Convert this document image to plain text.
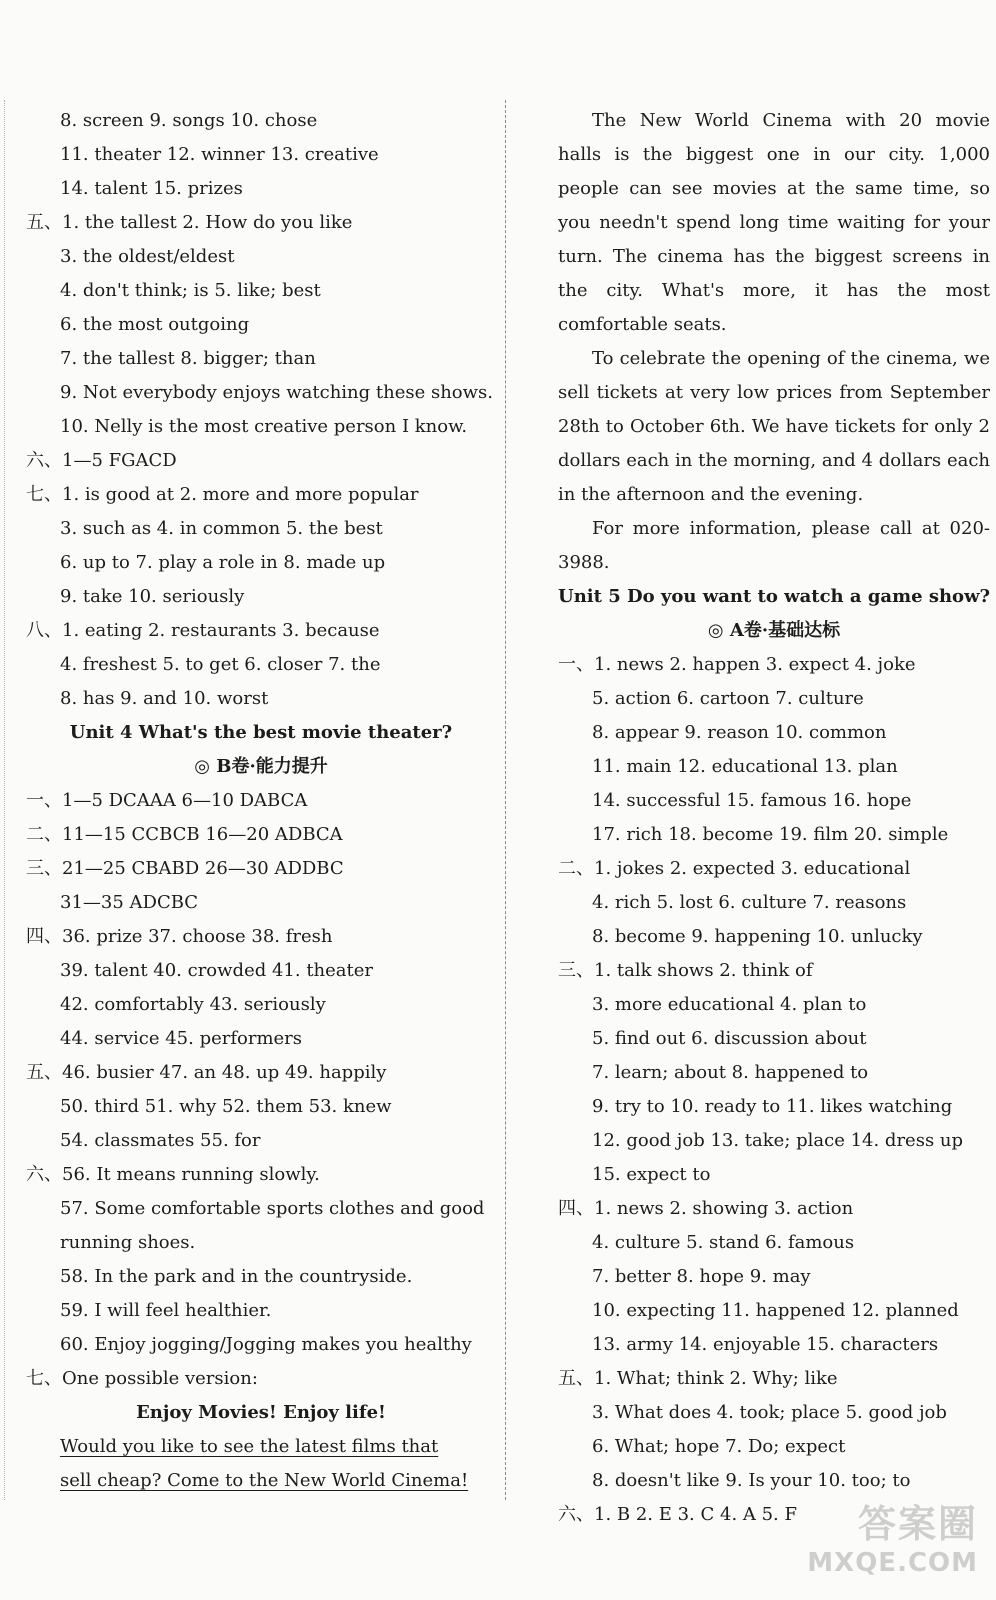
8. screen 9. songs 10. chose
11. theater 12. winner 13. creative
14. talent 15. prizes
五、1. the tallest 2. How do you like
3. the oldest/eldest
4. don't think; is 5. like; best
6. the most outgoing
7. the tallest 8. bigger; than
9. Not everybody enjoys watching these shows.
10. Nelly is the most creative person I know.
六、1—5 FGACD
七、1. is good at 2. more and more popular
3. such as 4. in common 5. the best
6. up to 7. play a role in 8. made up
9. take 10. seriously
八、1. eating 2. restaurants 3. because
4. freshest 5. to get 6. closer 7. the
8. has 9. and 10. worst
Unit 4 What's the best movie theater?
◎ B卷·能力提升
一、1—5 DCAAA 6—10 DABCA
二、11—15 CCBCB 16—20 ADBCA
三、21—25 CBABD 26—30 ADDBC
31—35 ADCBC
四、36. prize 37. choose 38. fresh
39. talent 40. crowded 41. theater
42. comfortably 43. seriously
44. service 45. performers
五、46. busier 47. an 48. up 49. happily
50. third 51. why 52. them 53. knew
54. classmates 55. for
六、56. It means running slowly.
57. Some comfortable sports clothes and good
running shoes.
58. In the park and in the countryside.
59. I will feel healthier.
60. Enjoy jogging/Jogging makes you healthy
七、One possible version:
Enjoy Movies! Enjoy life!
Would you like to see the latest films that
sell cheap? Come to the New World Cinema!
The New World Cinema with 20 movie halls is the biggest one in our city. 1,000 people can see movies at the same time, so you needn't spend long time waiting for your turn. The cinema has the biggest screens in the city. What's more, it has the most comfortable seats.
To celebrate the opening of the cinema, we sell tickets at very low prices from September 28th to October 6th. We have tickets for only 2 dollars each in the morning, and 4 dollars each in the afternoon and the evening.
For more information, please call at 020-3988.
Unit 5 Do you want to watch a game show?
◎ A卷·基础达标
一、1. news 2. happen 3. expect 4. joke
5. action 6. cartoon 7. culture
8. appear 9. reason 10. common
11. main 12. educational 13. plan
14. successful 15. famous 16. hope
17. rich 18. become 19. film 20. simple
二、1. jokes 2. expected 3. educational
4. rich 5. lost 6. culture 7. reasons
8. become 9. happening 10. unlucky
三、1. talk shows 2. think of
3. more educational 4. plan to
5. find out 6. discussion about
7. learn; about 8. happened to
9. try to 10. ready to 11. likes watching
12. good job 13. take; place 14. dress up
15. expect to
四、1. news 2. showing 3. action
4. culture 5. stand 6. famous
7. better 8. hope 9. may
10. expecting 11. happened 12. planned
13. army 14. enjoyable 15. characters
五、1. What; think 2. Why; like
3. What does 4. took; place 5. good job
6. What; hope 7. Do; expect
8. doesn't like 9. Is your 10. too; to
六、1. B 2. E 3. C 4. A 5. F	答案圈
MXQE.COM
